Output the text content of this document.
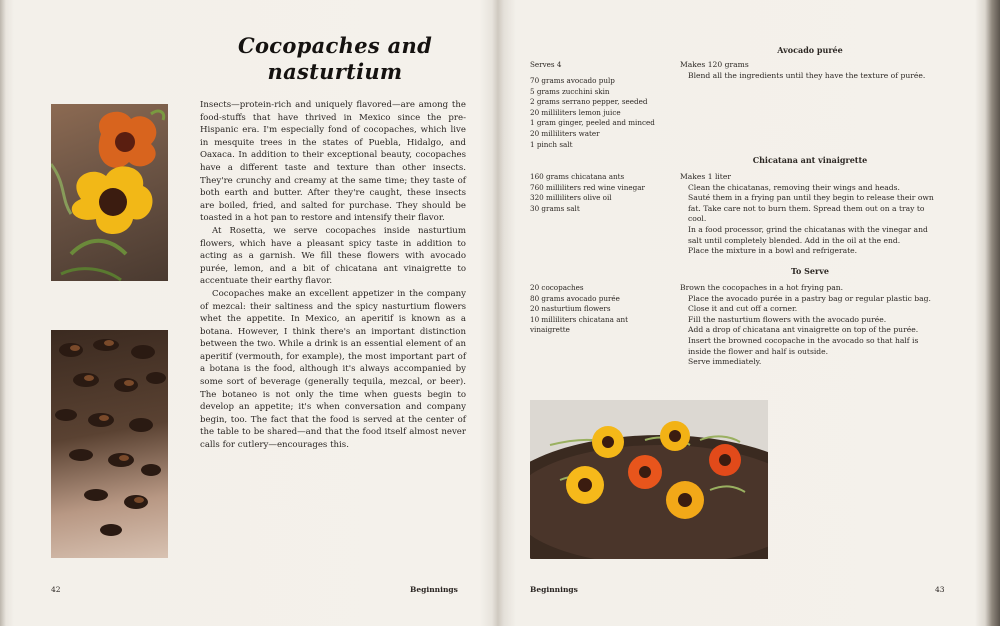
Cocopaches and
nasturtium

Insects—protein-rich and uniquely flavored—are among the food-stuffs that have thrived in Mexico since the pre-Hispanic era. I'm especially fond of cocopaches, which live in mesquite trees in the states of Puebla, Hidalgo, and Oaxaca. In addition to their exceptional beauty, cocopaches have a different taste and texture than other insects. They're crunchy and creamy at the same time; they taste of both earth and butter. After they're caught, these insects are boiled, fried, and salted for purchase. They should be toasted in a hot pan to restore and intensify their flavor.

At Rosetta, we serve cocopaches inside nasturtium flowers, which have a pleasant spicy taste in addition to acting as a garnish. We fill these flowers with avocado purée, lemon, and a bit of chicatana ant vinaigrette to accentuate their earthy flavor.

Cocopaches make an excellent appetizer in the company of mezcal: their saltiness and the spicy nasturtium flowers whet the appetite. In Mexico, an aperitif is known as a botana. However, I think there's an important distinction between the two. While a drink is an essential element of an aperitif (vermouth, for example), the most important part of a botana is the food, although it's always accompanied by some sort of beverage (generally tequila, mezcal, or beer). The botaneo is not only the time when guests begin to develop an appetite; it's when conversation and company begin, too. The fact that the food is served at the center of the table to be shared—and that the food itself almost never calls for cutlery—encourages this.

42	Beginnings
Serves 4
Avocado purée
70 grams avocado pulp
5 grams zucchini skin
2 grams serrano pepper, seeded
20 milliliters lemon juice
1 gram ginger, peeled and minced
20 milliliters water
1 pinch salt

Makes 120 grams

Blend all the ingredients until they have the texture of purée.

Chicatana ant vinaigrette
160 grams chicatana ants
760 milliliters red wine vinegar
320 milliliters olive oil
30 grams salt

Makes 1 liter

Clean the chicatanas, removing their wings and heads.

Sauté them in a frying pan until they begin to release their own fat. Take care not to burn them. Spread them out on a tray to cool.

In a food processor, grind the chicatanas with the vinegar and salt until completely blended. Add in the oil at the end.

Place the mixture in a bowl and refrigerate.

To Serve
20 cocopaches
80 grams avocado purée
20 nasturtium flowers
10 milliliters chicatana ant vinaigrette

Brown the cocopaches in a hot frying pan.

Place the avocado purée in a pastry bag or regular plastic bag. Close it and cut off a corner.

Fill the nasturtium flowers with the avocado purée.

Add a drop of chicatana ant vinaigrette on top of the purée.

Insert the browned cocopache in the avocado so that half is inside the flower and half is outside.

Serve immediately.

Beginnings	43
